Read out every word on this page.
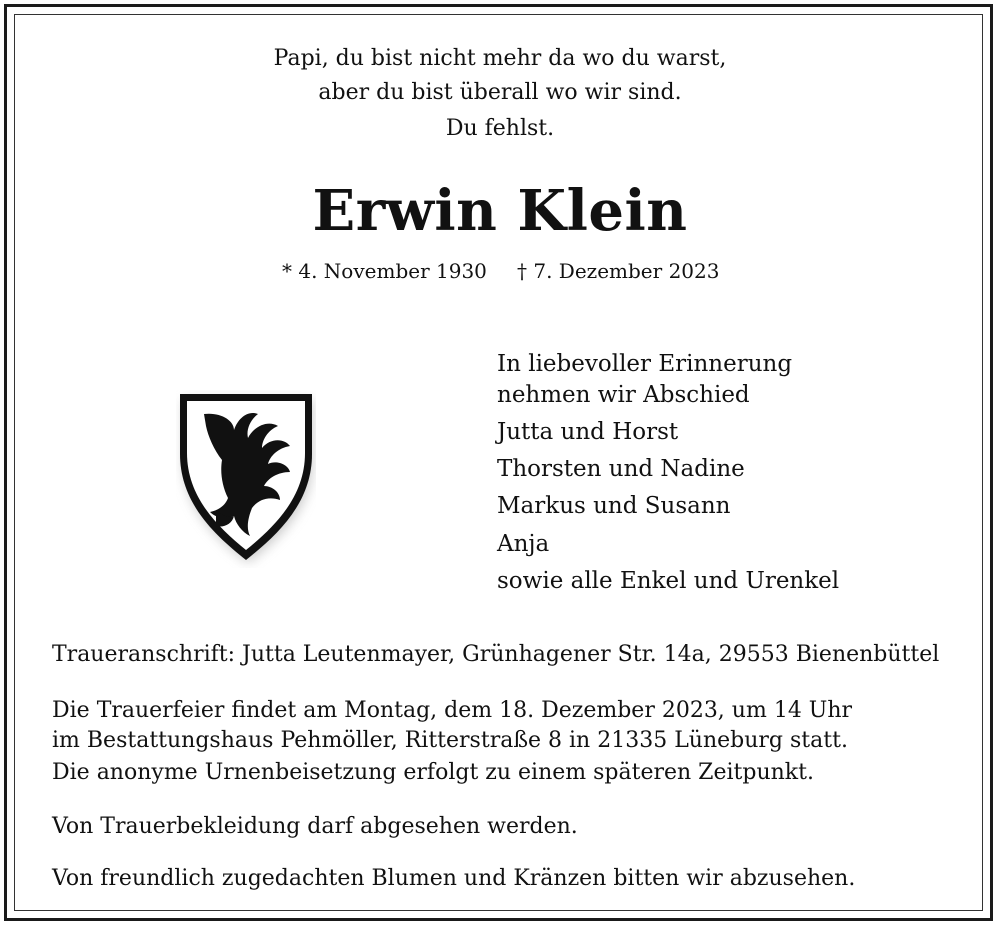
Papi, du bist nicht mehr da wo du warst,
aber du bist überall wo wir sind.
Du fehlst.
Erwin Klein
* 4. November 1930 † 7. Dezember 2023
In liebevoller Erinnerung
nehmen wir Abschied
Jutta und Horst
Thorsten und Nadine
Markus und Susann
Anja
sowie alle Enkel und Urenkel
Traueranschrift: Jutta Leutenmayer, Grünhagener Str. 14a, 29553 Bienenbüttel
Die Trauerfeier findet am Montag, dem 18. Dezember 2023, um 14 Uhr
im Bestattungshaus Pehmöller, Ritterstraße 8 in 21335 Lüneburg statt.
Die anonyme Urnenbeisetzung erfolgt zu einem späteren Zeitpunkt.
Von Trauerbekleidung darf abgesehen werden.
Von freundlich zugedachten Blumen und Kränzen bitten wir abzusehen.
